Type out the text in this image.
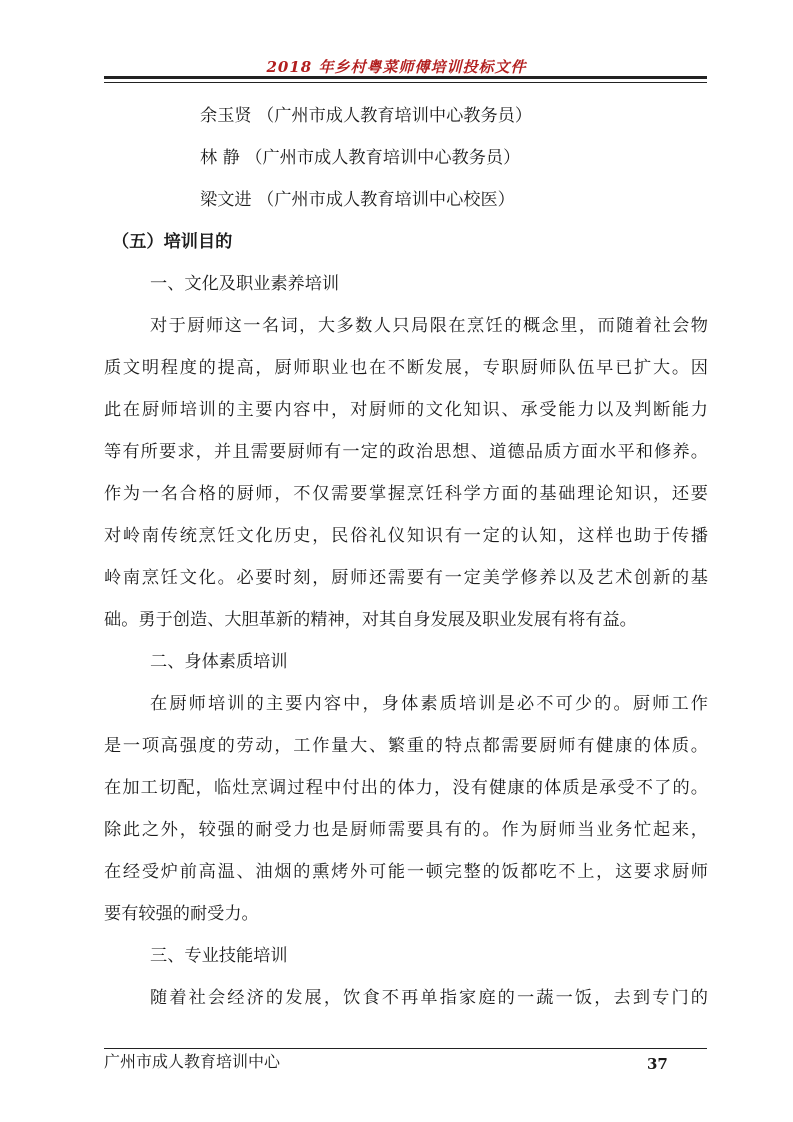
2018 年乡村粤菜师傅培训投标文件
余玉贤 （广州市成人教育培训中心教务员）
林 静 （广州市成人教育培训中心教务员）
梁文进 （广州市成人教育培训中心校医）
（五）培训目的
一、文化及职业素养培训
对于厨师这一名词，大多数人只局限在烹饪的概念里，而随着社会物
质文明程度的提高，厨师职业也在不断发展，专职厨师队伍早已扩大。因
此在厨师培训的主要内容中，对厨师的文化知识、承受能力以及判断能力
等有所要求，并且需要厨师有一定的政治思想、道德品质方面水平和修养。
作为一名合格的厨师，不仅需要掌握烹饪科学方面的基础理论知识，还要
对岭南传统烹饪文化历史，民俗礼仪知识有一定的认知，这样也助于传播
岭南烹饪文化。必要时刻，厨师还需要有一定美学修养以及艺术创新的基
础。勇于创造、大胆革新的精神，对其自身发展及职业发展有将有益。
二、身体素质培训
在厨师培训的主要内容中，身体素质培训是必不可少的。厨师工作
是一项高强度的劳动，工作量大、繁重的特点都需要厨师有健康的体质。
在加工切配，临灶烹调过程中付出的体力，没有健康的体质是承受不了的。
除此之外，较强的耐受力也是厨师需要具有的。作为厨师当业务忙起来，
在经受炉前高温、油烟的熏烤外可能一顿完整的饭都吃不上，这要求厨师
要有较强的耐受力。
三、专业技能培训
随着社会经济的发展，饮食不再单指家庭的一蔬一饭，去到专门的
广州市成人教育培训中心	37
